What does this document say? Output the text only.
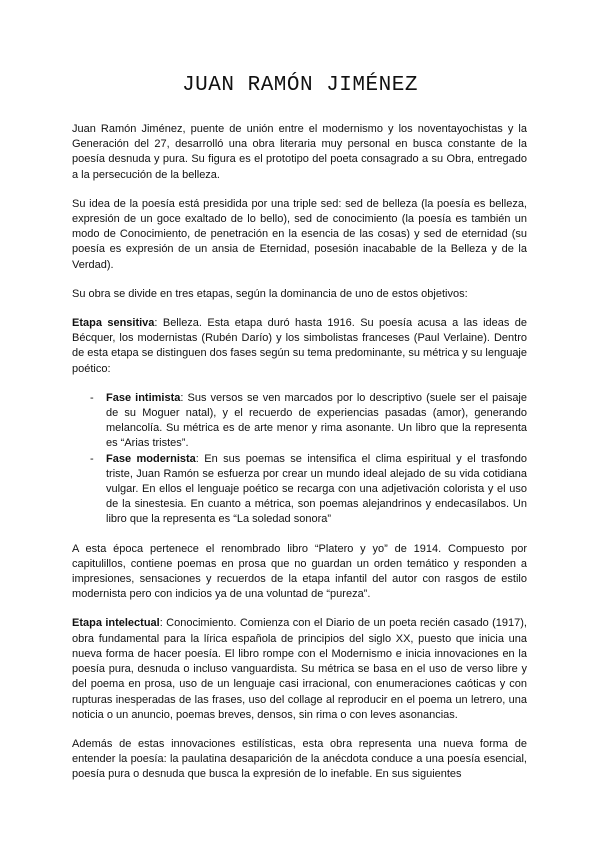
JUAN RAMÓN JIMÉNEZ

Juan Ramón Jiménez, puente de unión entre el modernismo y los noventayochistas y la Generación del 27, desarrolló una obra literaria muy personal en busca constante de la poesía desnuda y pura. Su figura es el prototipo del poeta consagrado a su Obra, entregado a la persecución de la belleza.

Su idea de la poesía está presidida por una triple sed: sed de belleza (la poesía es belleza, expresión de un goce exaltado de lo bello), sed de conocimiento (la poesía es también un modo de Conocimiento, de penetración en la esencia de las cosas) y sed de eternidad (su poesía es expresión de un ansia de Eternidad, posesión inacabable de la Belleza y de la Verdad).

Su obra se divide en tres etapas, según la dominancia de uno de estos objetivos:

Etapa sensitiva: Belleza. Esta etapa duró hasta 1916. Su poesía acusa a las ideas de Bécquer, los modernistas (Rubén Darío) y los simbolistas franceses (Paul Verlaine). Dentro de esta etapa se distinguen dos fases según su tema predominante, su métrica y su lenguaje poético:

- Fase intimista: Sus versos se ven marcados por lo descriptivo (suele ser el paisaje de su Moguer natal), y el recuerdo de experiencias pasadas (amor), generando melancolía. Su métrica es de arte menor y rima asonante. Un libro que la representa es “Arias tristes”.
- Fase modernista: En sus poemas se intensifica el clima espiritual y el trasfondo triste, Juan Ramón se esfuerza por crear un mundo ideal alejado de su vida cotidiana vulgar. En ellos el lenguaje poético se recarga con una adjetivación colorista y el uso de la sinestesia. En cuanto a métrica, son poemas alejandrinos y endecasílabos. Un libro que la representa es “La soledad sonora”

A esta época pertenece el renombrado libro “Platero y yo” de 1914. Compuesto por capitulillos, contiene poemas en prosa que no guardan un orden temático y responden a impresiones, sensaciones y recuerdos de la etapa infantil del autor con rasgos de estilo modernista pero con indicios ya de una voluntad de “pureza”.

Etapa intelectual: Conocimiento. Comienza con el Diario de un poeta recién casado (1917), obra fundamental para la lírica española de principios del siglo XX, puesto que inicia una nueva forma de hacer poesía. El libro rompe con el Modernismo e inicia innovaciones en la poesía pura, desnuda o incluso vanguardista. Su métrica se basa en el uso de verso libre y del poema en prosa, uso de un lenguaje casi irracional, con enumeraciones caóticas y con rupturas inesperadas de las frases, uso del collage al reproducir en el poema un letrero, una noticia o un anuncio, poemas breves, densos, sin rima o con leves asonancias.

Además de estas innovaciones estilísticas, esta obra representa una nueva forma de entender la poesía: la paulatina desaparición de la anécdota conduce a una poesía esencial, poesía pura o desnuda que busca la expresión de lo inefable. En sus siguientes
